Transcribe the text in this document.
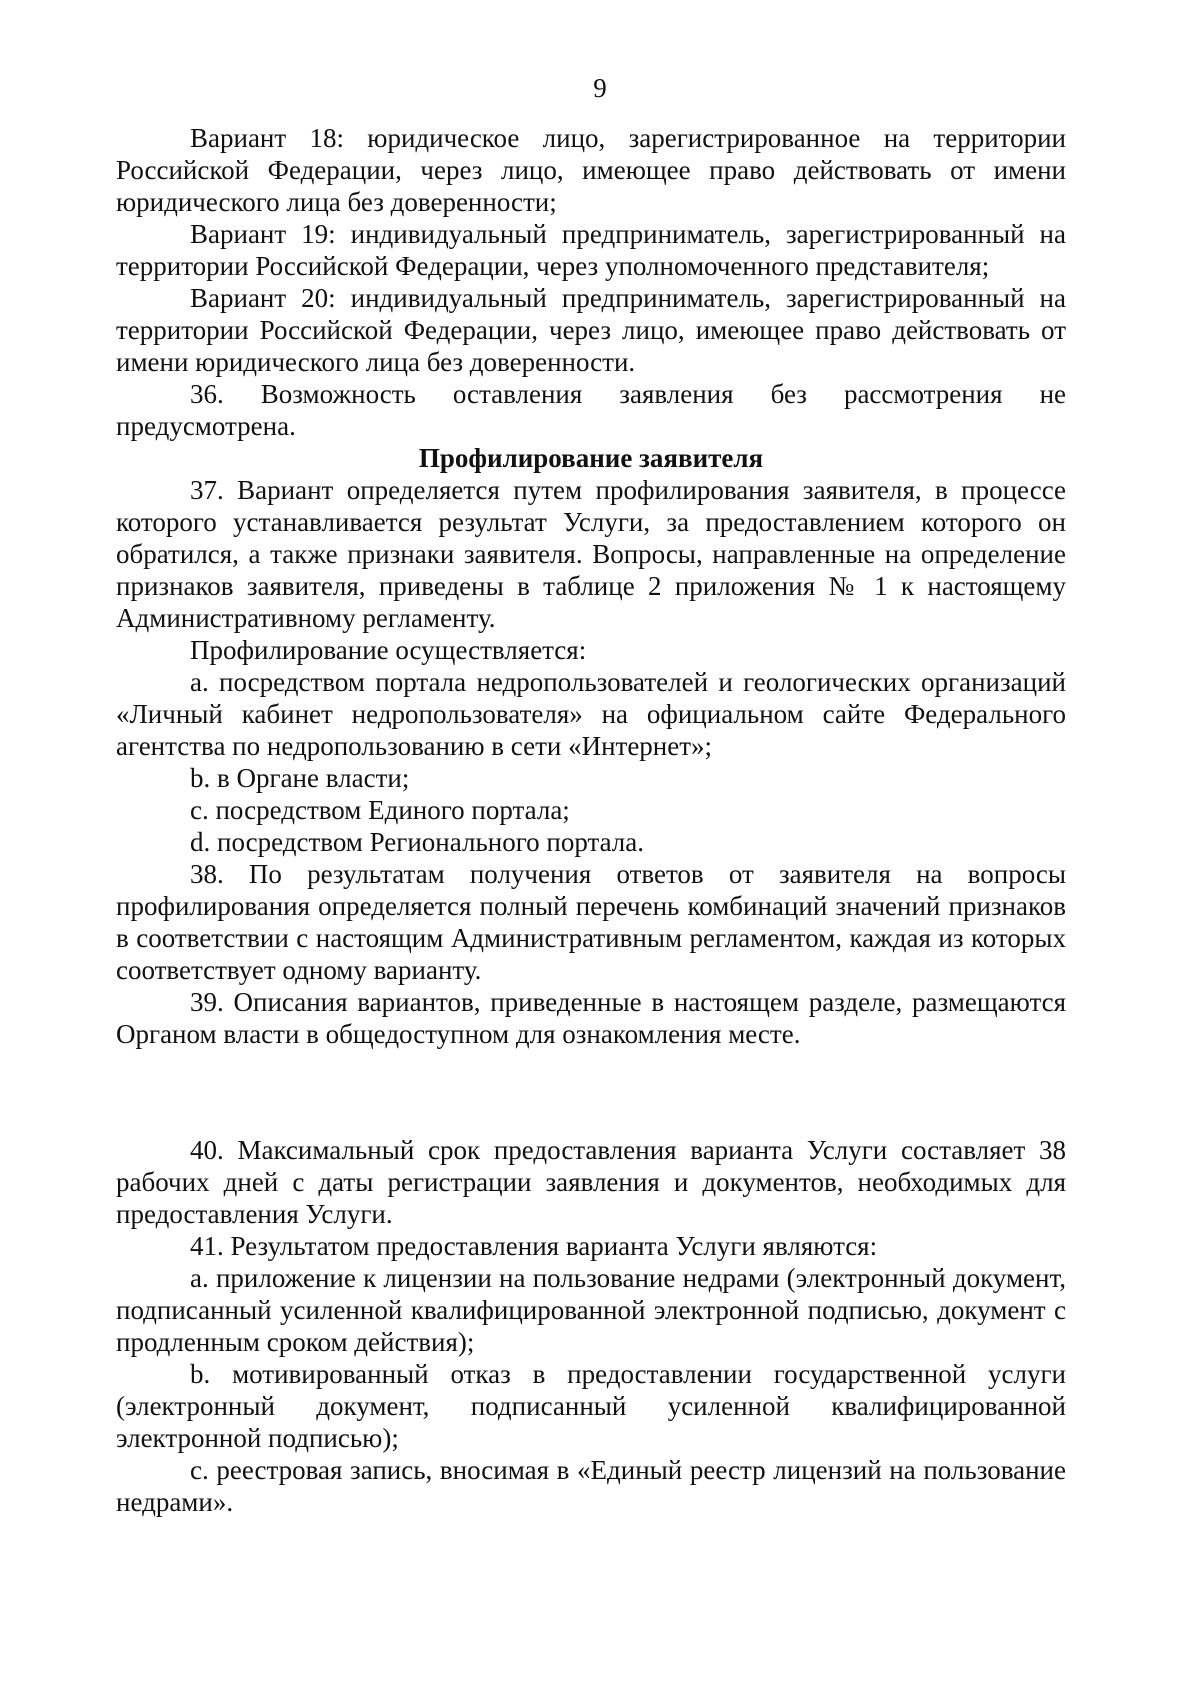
9

Вариант 18: юридическое лицо, зарегистрированное на территории Российской Федерации, через лицо, имеющее право действовать от имени юридического лица без доверенности;

Вариант 19: индивидуальный предприниматель, зарегистрированный на территории Российской Федерации, через уполномоченного представителя;

Вариант 20: индивидуальный предприниматель, зарегистрированный на территории Российской Федерации, через лицо, имеющее право действовать от имени юридического лица без доверенности.

36. Возможность оставления заявления без рассмотрения не предусмотрена.

Профилирование заявителя

37. Вариант определяется путем профилирования заявителя, в процессе которого устанавливается результат Услуги, за предоставлением которого он обратился, а также признаки заявителя. Вопросы, направленные на определение признаков заявителя, приведены в таблице 2 приложения № 1 к настоящему Административному регламенту.

Профилирование осуществляется:

a. посредством портала недропользователей и геологических организаций «Личный кабинет недропользователя» на официальном сайте Федерального агентства по недропользованию в сети «Интернет»;

b. в Органе власти;

c. посредством Единого портала;

d. посредством Регионального портала.

38. По результатам получения ответов от заявителя на вопросы профилирования определяется полный перечень комбинаций значений признаков в соответствии с настоящим Административным регламентом, каждая из которых соответствует одному варианту.

39. Описания вариантов, приведенные в настоящем разделе, размещаются Органом власти в общедоступном для ознакомления месте.

40. Максимальный срок предоставления варианта Услуги составляет 38 рабочих дней с даты регистрации заявления и документов, необходимых для предоставления Услуги.

41. Результатом предоставления варианта Услуги являются:

a. приложение к лицензии на пользование недрами (электронный документ, подписанный усиленной квалифицированной электронной подписью, документ с продленным сроком действия);

b. мотивированный отказ в предоставлении государственной услуги (электронный документ, подписанный усиленной квалифицированной электронной подписью);

c. реестровая запись, вносимая в «Единый реестр лицензий на пользование недрами».
